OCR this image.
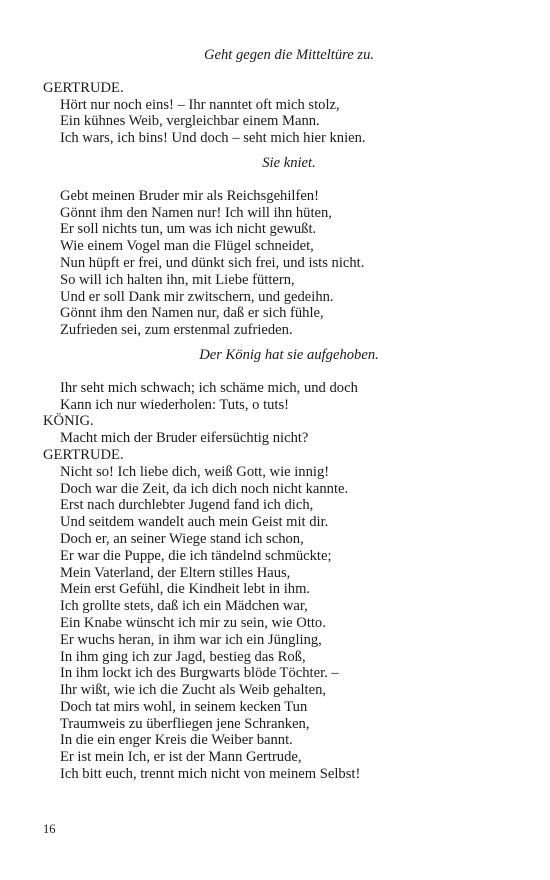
Geht gegen die Mitteltüre zu.
GERTRUDE.
Hört nur noch eins! – Ihr nanntet oft mich stolz,
Ein kühnes Weib, vergleichbar einem Mann.
Ich wars, ich bins! Und doch – seht mich hier knien.
Sie kniet.
Gebt meinen Bruder mir als Reichsgehilfen!
Gönnt ihm den Namen nur! Ich will ihn hüten,
Er soll nichts tun, um was ich nicht gewußt.
Wie einem Vogel man die Flügel schneidet,
Nun hüpft er frei, und dünkt sich frei, und ists nicht.
So will ich halten ihn, mit Liebe füttern,
Und er soll Dank mir zwitschern, und gedeihn.
Gönnt ihm den Namen nur, daß er sich fühle,
Zufrieden sei, zum erstenmal zufrieden.
Der König hat sie aufgehoben.
Ihr seht mich schwach; ich schäme mich, und doch
Kann ich nur wiederholen: Tuts, o tuts!
KÖNIG.
Macht mich der Bruder eifersüchtig nicht?
GERTRUDE.
Nicht so! Ich liebe dich, weiß Gott, wie innig!
Doch war die Zeit, da ich dich noch nicht kannte.
Erst nach durchlebter Jugend fand ich dich,
Und seitdem wandelt auch mein Geist mit dir.
Doch er, an seiner Wiege stand ich schon,
Er war die Puppe, die ich tändelnd schmückte;
Mein Vaterland, der Eltern stilles Haus,
Mein erst Gefühl, die Kindheit lebt in ihm.
Ich grollte stets, daß ich ein Mädchen war,
Ein Knabe wünscht ich mir zu sein, wie Otto.
Er wuchs heran, in ihm war ich ein Jüngling,
In ihm ging ich zur Jagd, bestieg das Roß,
In ihm lockt ich des Burgwarts blöde Töchter. –
Ihr wißt, wie ich die Zucht als Weib gehalten,
Doch tat mirs wohl, in seinem kecken Tun
Traumweis zu überfliegen jene Schranken,
In die ein enger Kreis die Weiber bannt.
Er ist mein Ich, er ist der Mann Gertrude,
Ich bitt euch, trennt mich nicht von meinem Selbst!
16
